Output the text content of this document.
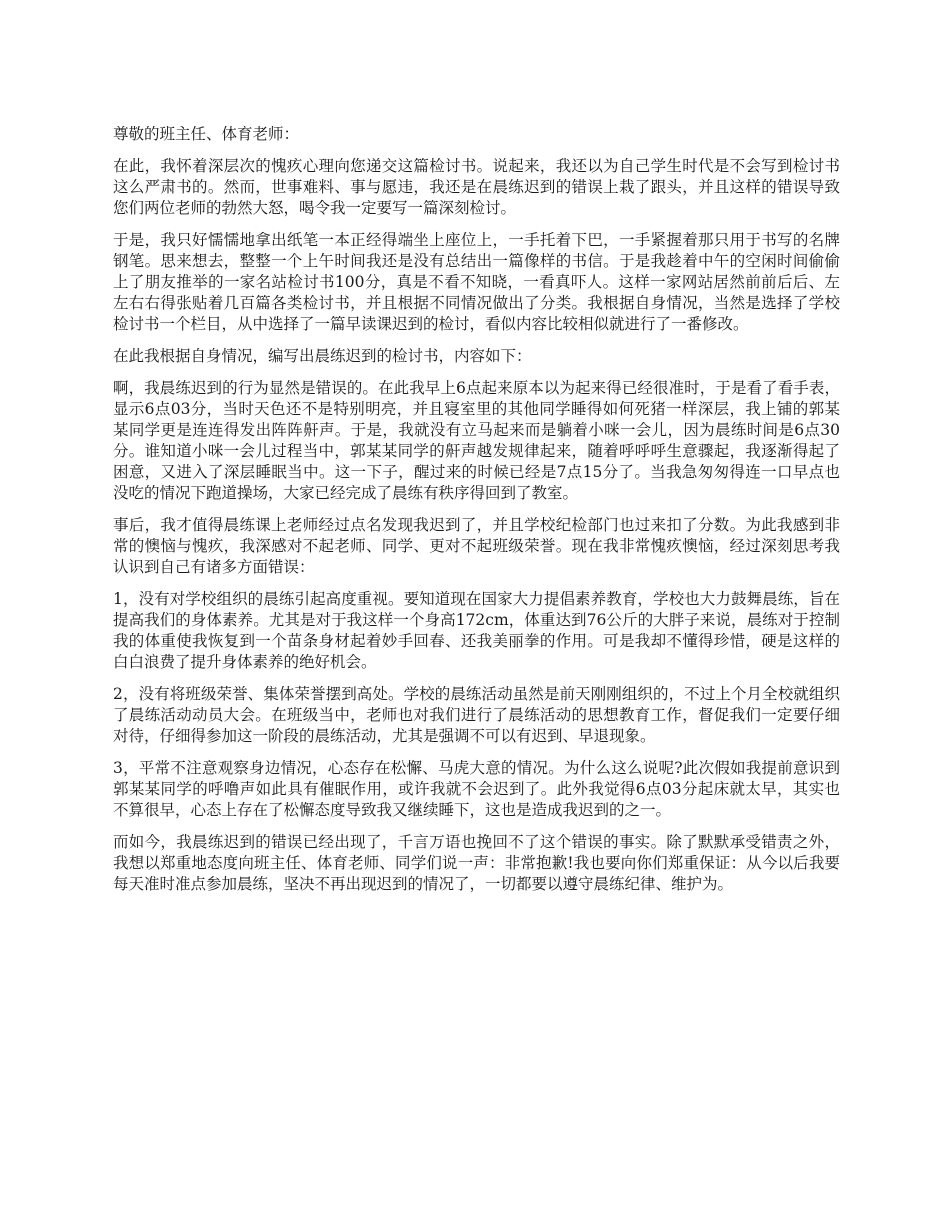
尊敬的班主任、体育老师：

在此，我怀着深层次的愧疚心理向您递交这篇检讨书。说起来，我还以为自己学生时代是不会写到检讨书这么严肃书的。然而，世事难料、事与愿违，我还是在晨练迟到的错误上栽了跟头，并且这样的错误导致您们两位老师的勃然大怒，喝令我一定要写一篇深刻检讨。

于是，我只好懦懦地拿出纸笔一本正经得端坐上座位上，一手托着下巴，一手紧握着那只用于书写的名牌钢笔。思来想去，整整一个上午时间我还是没有总结出一篇像样的书信。于是我趁着中午的空闲时间偷偷上了朋友推举的一家名站检讨书100分，真是不看不知晓，一看真吓人。这样一家网站居然前前后后、左左右右得张贴着几百篇各类检讨书，并且根据不同情况做出了分类。我根据自身情况，当然是选择了学校检讨书一个栏目，从中选择了一篇早读课迟到的检讨，看似内容比较相似就进行了一番修改。

在此我根据自身情况，编写出晨练迟到的检讨书，内容如下：

啊，我晨练迟到的行为显然是错误的。在此我早上6点起来原本以为起来得已经很准时，于是看了看手表，显示6点03分，当时天色还不是特别明亮，并且寝室里的其他同学睡得如何死猪一样深层，我上铺的郭某某同学更是连连得发出阵阵鼾声。于是，我就没有立马起来而是躺着小咪一会儿，因为晨练时间是6点30分。谁知道小咪一会儿过程当中，郭某某同学的鼾声越发规律起来，随着呼呼呼生意骤起，我逐渐得起了困意，又进入了深层睡眠当中。这一下子，醒过来的时候已经是7点15分了。当我急匆匆得连一口早点也没吃的情况下跑道操场，大家已经完成了晨练有秩序得回到了教室。

事后，我才值得晨练课上老师经过点名发现我迟到了，并且学校纪检部门也过来扣了分数。为此我感到非常的懊恼与愧疚，我深感对不起老师、同学、更对不起班级荣誉。现在我非常愧疚懊恼，经过深刻思考我认识到自己有诸多方面错误：

1，没有对学校组织的晨练引起高度重视。要知道现在国家大力提倡素养教育，学校也大力鼓舞晨练，旨在提高我们的身体素养。尤其是对于我这样一个身高172cm，体重达到76公斤的大胖子来说，晨练对于控制我的体重使我恢复到一个苗条身材起着妙手回春、还我美丽拳的作用。可是我却不懂得珍惜，硬是这样的白白浪费了提升身体素养的绝好机会。

2，没有将班级荣誉、集体荣誉摆到高处。学校的晨练活动虽然是前天刚刚组织的，不过上个月全校就组织了晨练活动动员大会。在班级当中，老师也对我们进行了晨练活动的思想教育工作，督促我们一定要仔细对待，仔细得参加这一阶段的晨练活动，尤其是强调不可以有迟到、早退现象。

3，平常不注意观察身边情况，心态存在松懈、马虎大意的情况。为什么这么说呢?此次假如我提前意识到郭某某同学的呼噜声如此具有催眠作用，或许我就不会迟到了。此外我觉得6点03分起床就太早，其实也不算很早，心态上存在了松懈态度导致我又继续睡下，这也是造成我迟到的之一。

而如今，我晨练迟到的错误已经出现了，千言万语也挽回不了这个错误的事实。除了默默承受错责之外，我想以郑重地态度向班主任、体育老师、同学们说一声：非常抱歉!我也要向你们郑重保证：从今以后我要每天准时准点参加晨练，坚决不再出现迟到的情况了，一切都要以遵守晨练纪律、维护为。
